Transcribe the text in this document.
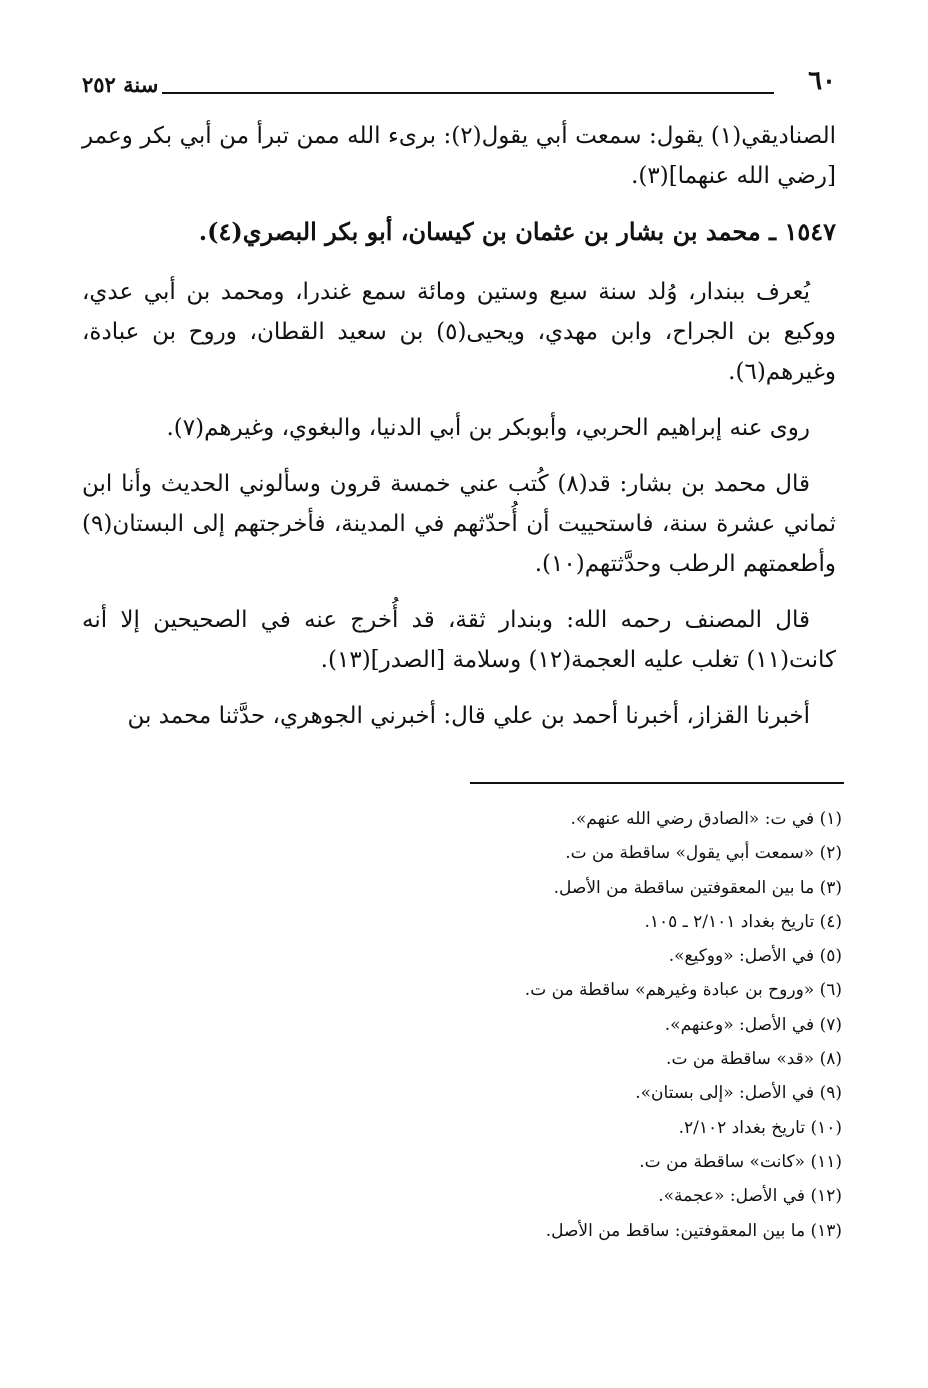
٦٠
سنة ٢٥٢

الصناديقي(١) يقول: سمعت أبي يقول(٢): برىء الله ممن تبرأ من أبي بكر وعمر [رضي الله عنهما](٣).

١٥٤٧ ـ محمد بن بشار بن عثمان بن كيسان، أبو بكر البصري(٤).

يُعرف ببندار، وُلد سنة سبع وستين ومائة سمع غندرا، ومحمد بن أبي عدي، ووكيع بن الجراح، وابن مهدي، ويحيى(٥) بن سعيد القطان، وروح بن عبادة، وغيرهم(٦).

روى عنه إبراهيم الحربي، وأبوبكر بن أبي الدنيا، والبغوي، وغيرهم(٧).

قال محمد بن بشار: قد(٨) كُتب عني خمسة قرون وسألوني الحديث وأنا ابن ثماني عشرة سنة، فاستحييت أن أُحدّثهم في المدينة، فأخرجتهم إلى البستان(٩) وأطعمتهم الرطب وحدَّثتهم(١٠).

قال المصنف رحمه الله: وبندار ثقة، قد أُخرج عنه في الصحيحين إلا أنه كانت(١١) تغلب عليه العجمة(١٢) وسلامة [الصدر](١٣).

أخبرنا القزاز، أخبرنا أحمد بن علي قال: أخبرني الجوهري، حدَّثنا محمد بن

(١) في ت: «الصادق رضي الله عنهم».
(٢) «سمعت أبي يقول» ساقطة من ت.
(٣) ما بين المعقوفتين ساقطة من الأصل.
(٤) تاريخ بغداد ٢/١٠١ ـ ١٠٥.
(٥) في الأصل: «ووكيع».
(٦) «وروح بن عبادة وغيرهم» ساقطة من ت.
(٧) في الأصل: «وعنهم».
(٨) «قد» ساقطة من ت.
(٩) في الأصل: «إلى بستان».
(١٠) تاريخ بغداد ٢/١٠٢.
(١١) «كانت» ساقطة من ت.
(١٢) في الأصل: «عجمة».
(١٣) ما بين المعقوفتين: ساقط من الأصل.
